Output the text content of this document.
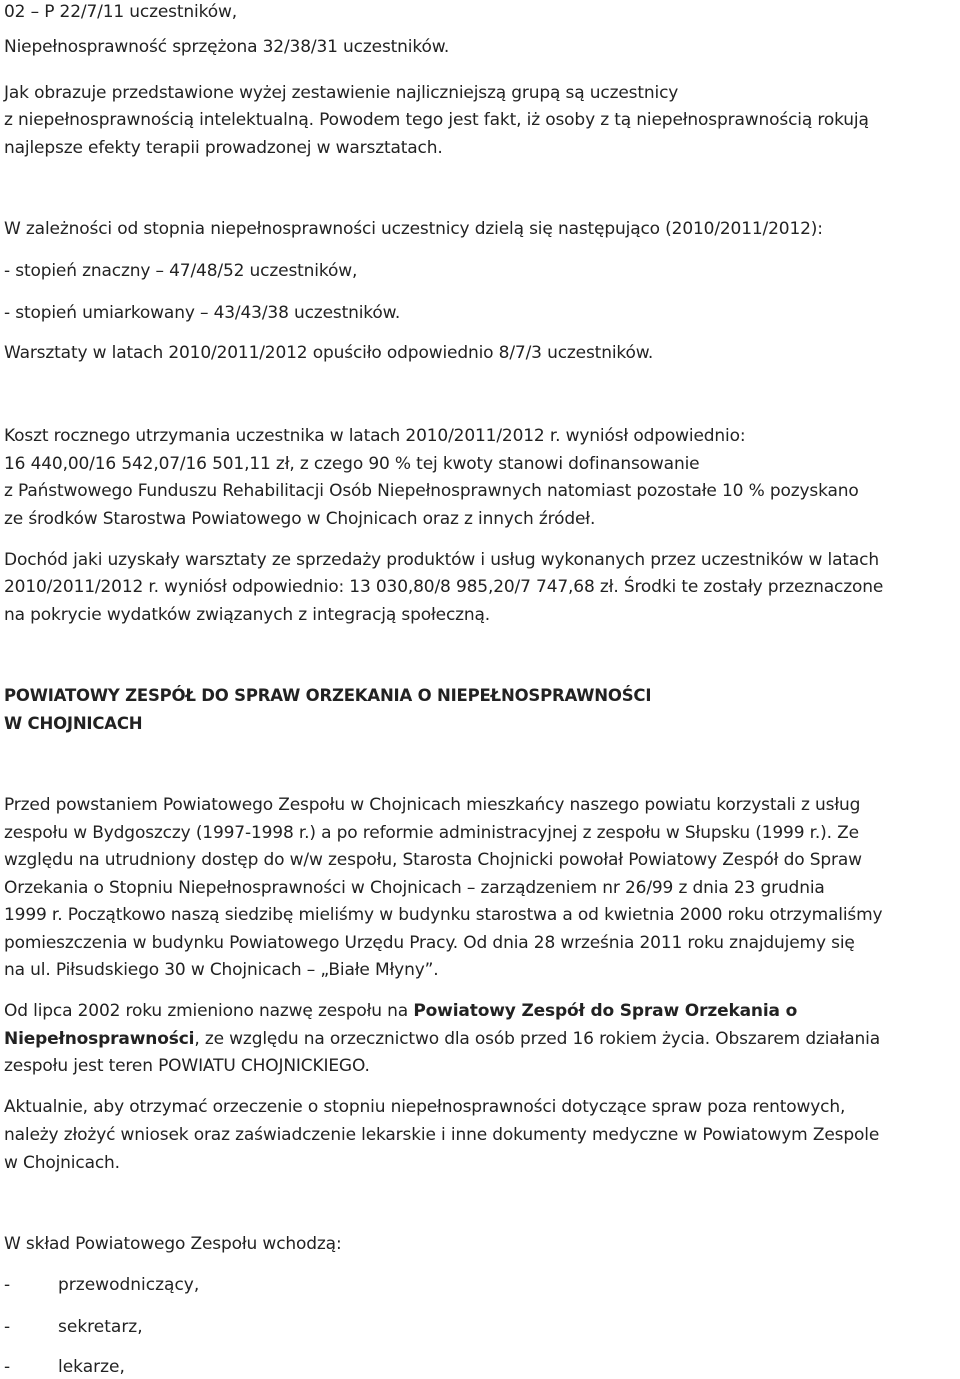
02 – P 22/7/11 uczestników,
Niepełnosprawność sprzężona 32/38/31 uczestników.
Jak obrazuje przedstawione wyżej zestawienie najliczniejszą grupą są uczestnicy
z niepełnosprawnością intelektualną. Powodem tego jest fakt, iż osoby z tą niepełnosprawnością rokują
najlepsze efekty terapii prowadzonej w warsztatach.
W zależności od stopnia niepełnosprawności uczestnicy dzielą się następująco (2010/2011/2012):
- stopień znaczny – 47/48/52 uczestników,
- stopień umiarkowany – 43/43/38 uczestników.
Warsztaty w latach 2010/2011/2012 opuściło odpowiednio 8/7/3 uczestników.
Koszt rocznego utrzymania uczestnika w latach 2010/2011/2012 r. wyniósł odpowiednio:
16 440,00/16 542,07/16 501,11 zł, z czego 90 % tej kwoty stanowi dofinansowanie
z Państwowego Funduszu Rehabilitacji Osób Niepełnosprawnych natomiast pozostałe 10 % pozyskano
ze środków Starostwa Powiatowego w Chojnicach oraz z innych źródeł.
Dochód jaki uzyskały warsztaty ze sprzedaży produktów i usług wykonanych przez uczestników w latach
2010/2011/2012 r. wyniósł odpowiednio: 13 030,80/8 985,20/7 747,68 zł. Środki te zostały przeznaczone
na pokrycie wydatków związanych z integracją społeczną.
POWIATOWY ZESPÓŁ DO SPRAW ORZEKANIA O NIEPEŁNOSPRAWNOŚCI
W CHOJNICACH
Przed powstaniem Powiatowego Zespołu w Chojnicach mieszkańcy naszego powiatu korzystali z usług
zespołu w Bydgoszczy (1997-1998 r.) a po reformie administracyjnej z zespołu w Słupsku (1999 r.). Ze
względu na utrudniony dostęp do w/w zespołu, Starosta Chojnicki powołał Powiatowy Zespół do Spraw
Orzekania o Stopniu Niepełnosprawności w Chojnicach – zarządzeniem nr 26/99 z dnia 23 grudnia
1999 r. Początkowo naszą siedzibę mieliśmy w budynku starostwa a od kwietnia 2000 roku otrzymaliśmy
pomieszczenia w budynku Powiatowego Urzędu Pracy. Od dnia 28 września 2011 roku znajdujemy się
na ul. Piłsudskiego 30 w Chojnicach – „Białe Młyny”.
Od lipca 2002 roku zmieniono nazwę zespołu na Powiatowy Zespół do Spraw Orzekania o
Niepełnosprawności, ze względu na orzecznictwo dla osób przed 16 rokiem życia. Obszarem działania
zespołu jest teren POWIATU CHOJNICKIEGO.
Aktualnie, aby otrzymać orzeczenie o stopniu niepełnosprawności dotyczące spraw poza rentowych,
należy złożyć wniosek oraz zaświadczenie lekarskie i inne dokumenty medyczne w Powiatowym Zespole
w Chojnicach.
W skład Powiatowego Zespołu wchodzą:
-	przewodniczący,
-	sekretarz,
-	lekarze,
